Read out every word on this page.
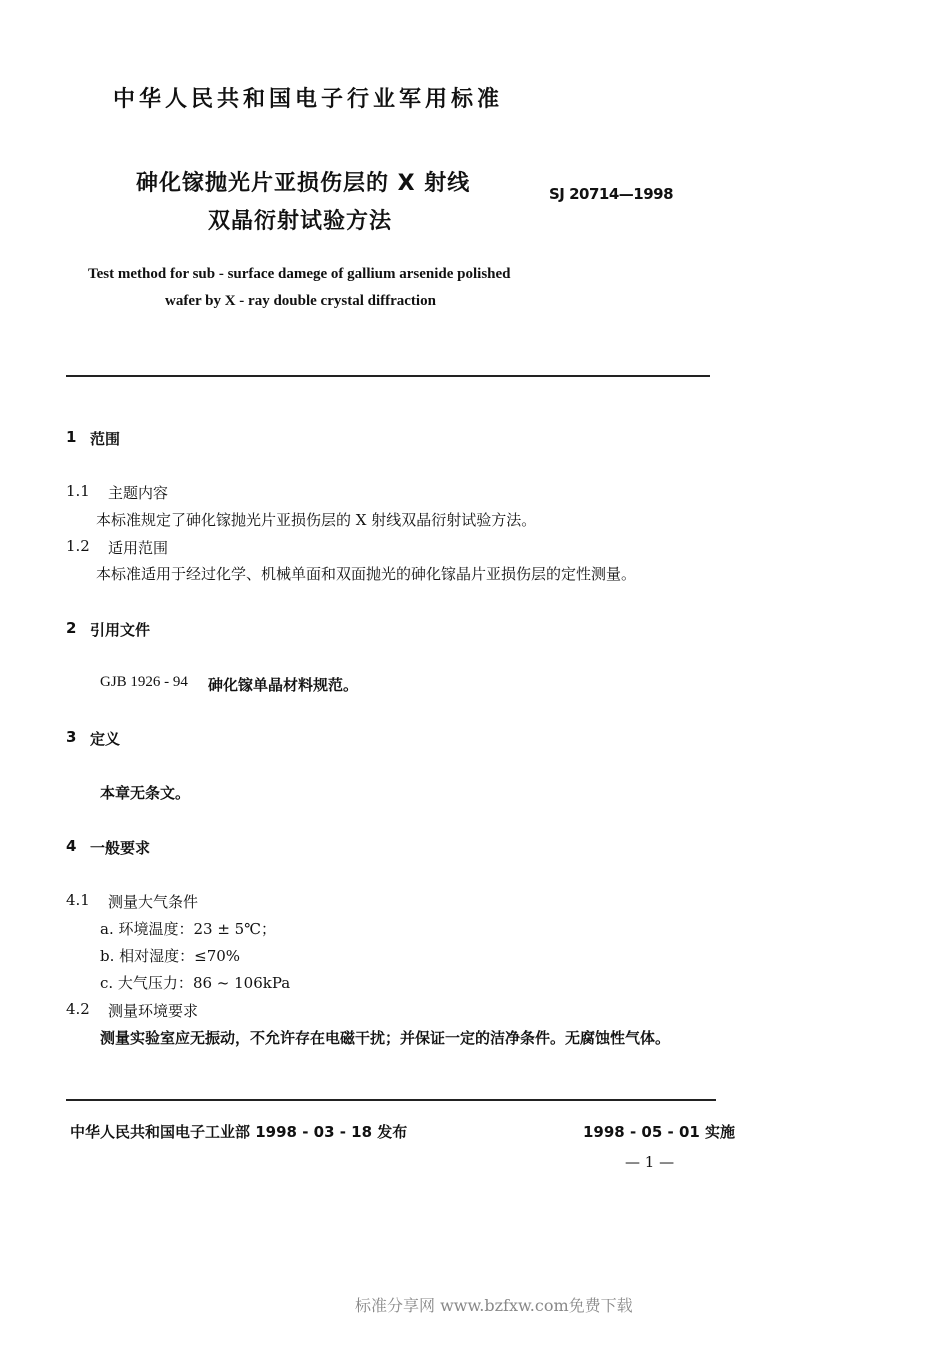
中华人民共和国电子行业军用标准
砷化镓抛光片亚损伤层的 X 射线
双晶衍射试验方法
SJ 20714—1998
Test method for sub - surface damege of gallium arsenide polished
wafer by X - ray double crystal diffraction
1 范围
1.1 主题内容
本标准规定了砷化镓抛光片亚损伤层的 X 射线双晶衍射试验方法。
1.2 适用范围
本标准适用于经过化学、机械单面和双面抛光的砷化镓晶片亚损伤层的定性测量。
2 引用文件
GJB 1926 - 94 砷化镓单晶材料规范。
3 定义
本章无条文。
4 一般要求
4.1 测量大气条件
a. 环境温度：23 ± 5℃；
b. 相对湿度：≤70%
c. 大气压力：86 ~ 106kPa
4.2 测量环境要求
测量实验室应无振动，不允许存在电磁干扰；并保证一定的洁净条件。无腐蚀性气体。
中华人民共和国电子工业部 1998 - 03 - 18 发布	1998 - 05 - 01 实施
— 1 —
标准分享网 www.bzfxw.com免费下载
